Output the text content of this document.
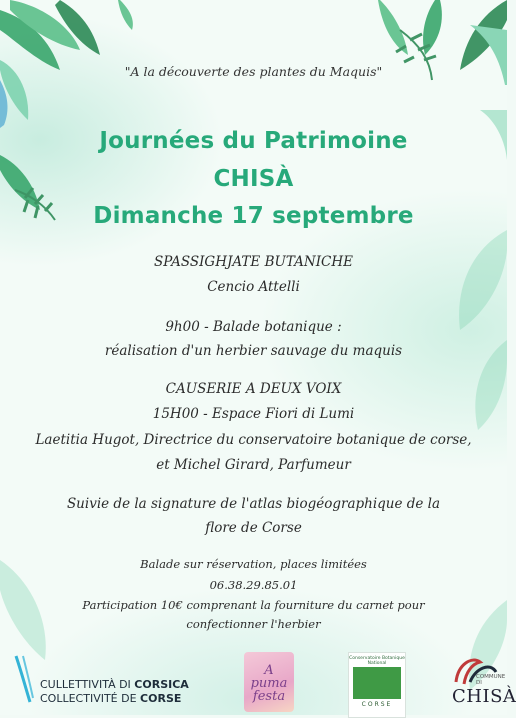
"A la découverte des plantes du Maquis"
Journées du Patrimoine
CHISÀ
Dimanche 17 septembre
SPASSIGHJATE BUTANICHE
Cencio Attelli
9h00 - Balade botanique :
réalisation d'un herbier sauvage du maquis
CAUSERIE A DEUX VOIX
15H00 - Espace Fiori di Lumi
Laetitia Hugot, Directrice du conservatoire botanique de corse,
et Michel Girard, Parfumeur
Suivie de la signature de l'atlas biogéographique de la
flore de Corse
Balade sur réservation, places limitées
06.38.29.85.01
Participation 10€ comprenant la fourniture du carnet pour
confectionner l'herbier
CULLETTIVITÀ DI CORSICA
COLLECTIVITÉ DE CORSE
A puma
festa
Conservatoire Botanique National
CORSE
COMMUNE DI
CHISÀ
